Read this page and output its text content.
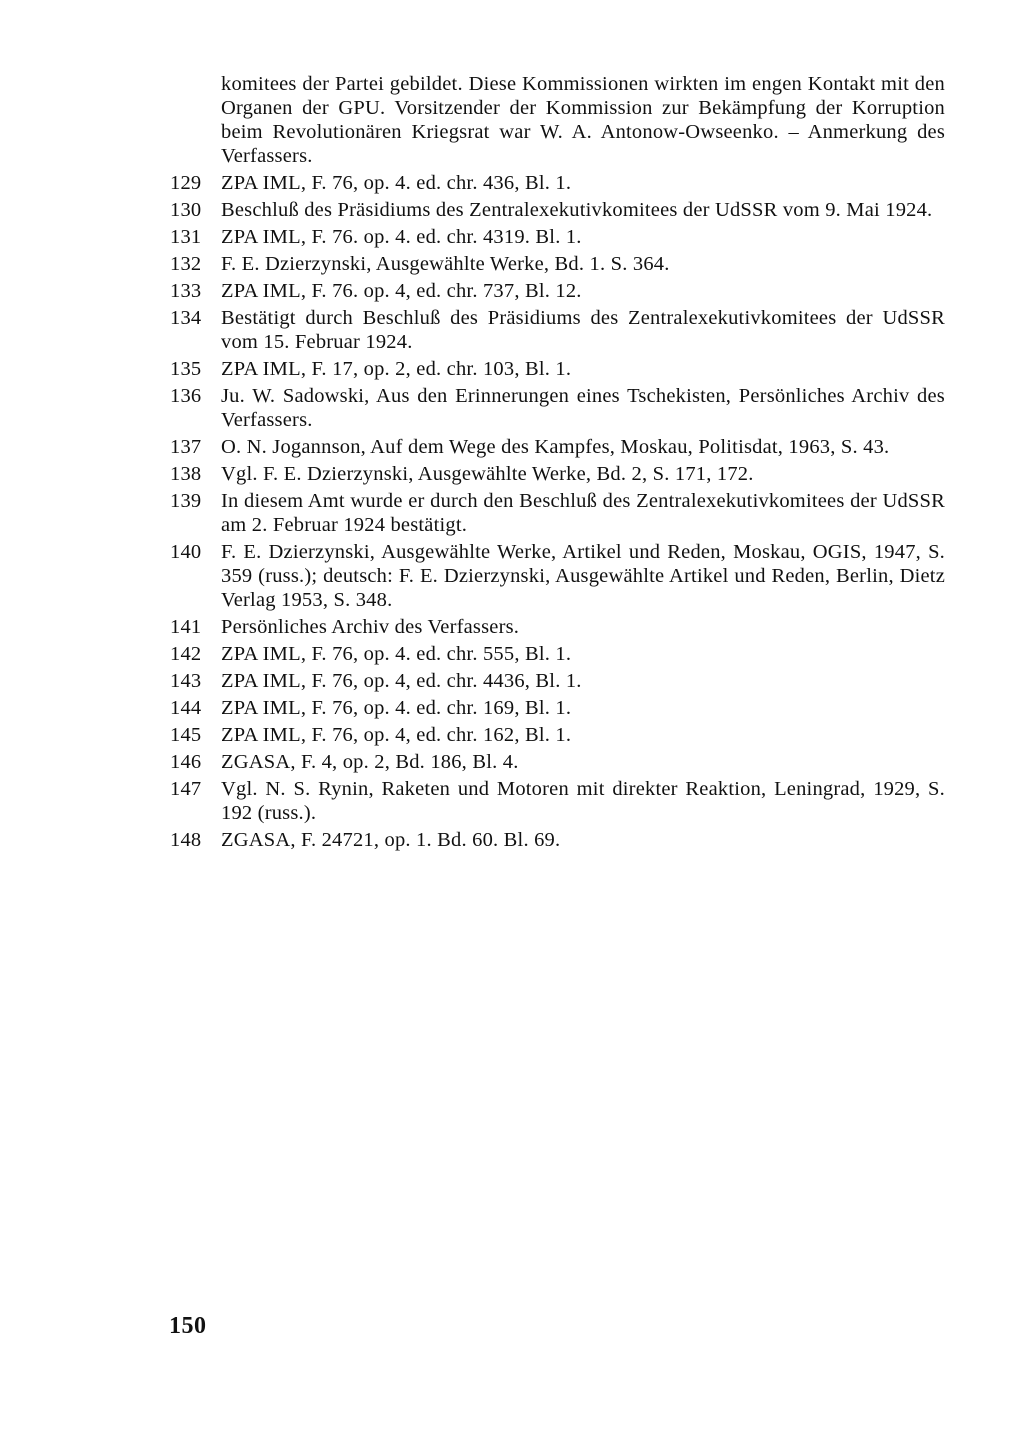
komitees der Partei gebildet. Diese Kommissionen wirkten im engen Kontakt mit den Organen der GPU. Vorsitzender der Kommission zur Bekämpfung der Korruption beim Revolutionären Kriegsrat war W. A. Antonow-Owseenko. – Anmerkung des Verfassers.
129 ZPA IML, F. 76, op. 4. ed. chr. 436, Bl. 1.
130 Beschluß des Präsidiums des Zentralexekutivkomitees der UdSSR vom 9. Mai 1924.
131 ZPA IML, F. 76. op. 4. ed. chr. 4319. Bl. 1.
132 F. E. Dzierzynski, Ausgewählte Werke, Bd. 1. S. 364.
133 ZPA IML, F. 76. op. 4, ed. chr. 737, Bl. 12.
134 Bestätigt durch Beschluß des Präsidiums des Zentralexekutivkomitees der UdSSR vom 15. Februar 1924.
135 ZPA IML, F. 17, op. 2, ed. chr. 103, Bl. 1.
136 Ju. W. Sadowski, Aus den Erinnerungen eines Tschekisten, Persönliches Archiv des Verfassers.
137 O. N. Jogannson, Auf dem Wege des Kampfes, Moskau, Politisdat, 1963, S. 43.
138 Vgl. F. E. Dzierzynski, Ausgewählte Werke, Bd. 2, S. 171, 172.
139 In diesem Amt wurde er durch den Beschluß des Zentralexekutivkomitees der UdSSR am 2. Februar 1924 bestätigt.
140 F. E. Dzierzynski, Ausgewählte Werke, Artikel und Reden, Moskau, OGIS, 1947, S. 359 (russ.); deutsch: F. E. Dzierzynski, Ausgewählte Artikel und Reden, Berlin, Dietz Verlag 1953, S. 348.
141 Persönliches Archiv des Verfassers.
142 ZPA IML, F. 76, op. 4. ed. chr. 555, Bl. 1.
143 ZPA IML, F. 76, op. 4, ed. chr. 4436, Bl. 1.
144 ZPA IML, F. 76, op. 4. ed. chr. 169, Bl. 1.
145 ZPA IML, F. 76, op. 4, ed. chr. 162, Bl. 1.
146 ZGASA, F. 4, op. 2, Bd. 186, Bl. 4.
147 Vgl. N. S. Rynin, Raketen und Motoren mit direkter Reaktion, Leningrad, 1929, S. 192 (russ.).
148 ZGASA, F. 24721, op. 1. Bd. 60. Bl. 69.
150
